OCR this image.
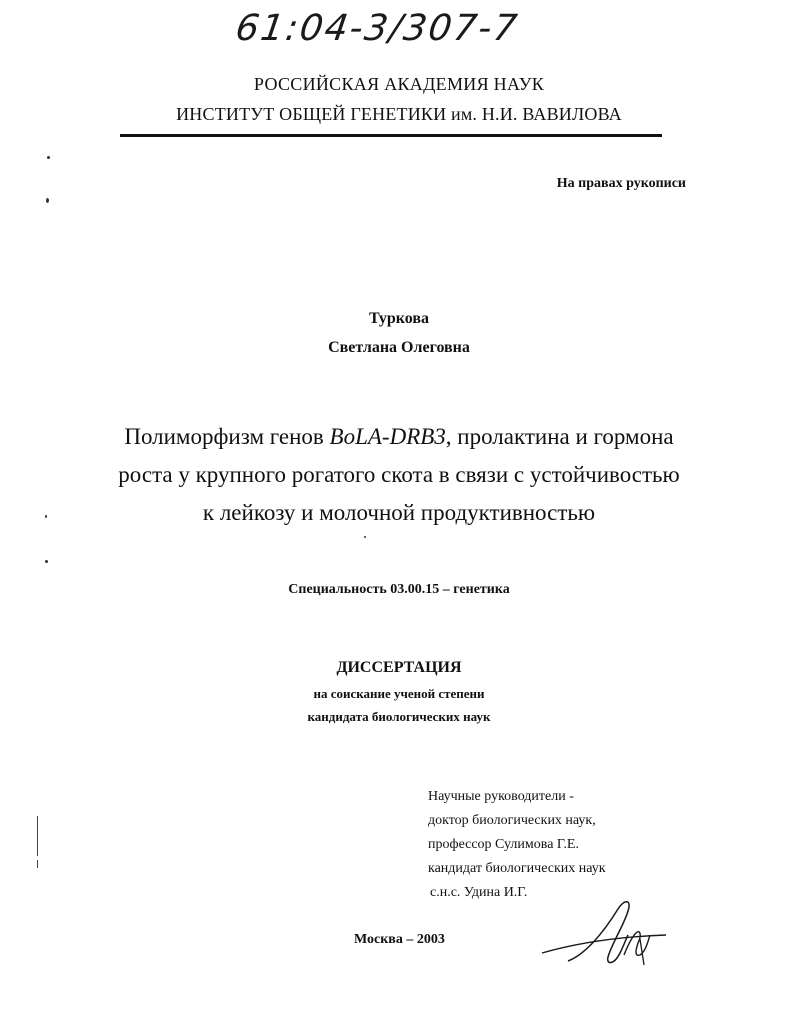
61:04-3/307-7
РОССИЙСКАЯ АКАДЕМИЯ НАУК
ИНСТИТУТ ОБЩЕЙ ГЕНЕТИКИ им. Н.И. ВАВИЛОВА
На правах рукописи
Туркова
Светлана Олеговна
Полиморфизм генов BoLA-DRB3, пролактина и гормона
роста у крупного рогатого скота в связи с устойчивостью
к лейкозу и молочной продуктивностью
Специальность 03.00.15 – генетика
ДИССЕРТАЦИЯ
на соискание ученой степени
кандидата биологических наук
Научные руководители -
доктор биологических наук,
профессор Сулимова Г.Е.
кандидат биологических наук
с.н.с. Удина И.Г.
Москва – 2003
